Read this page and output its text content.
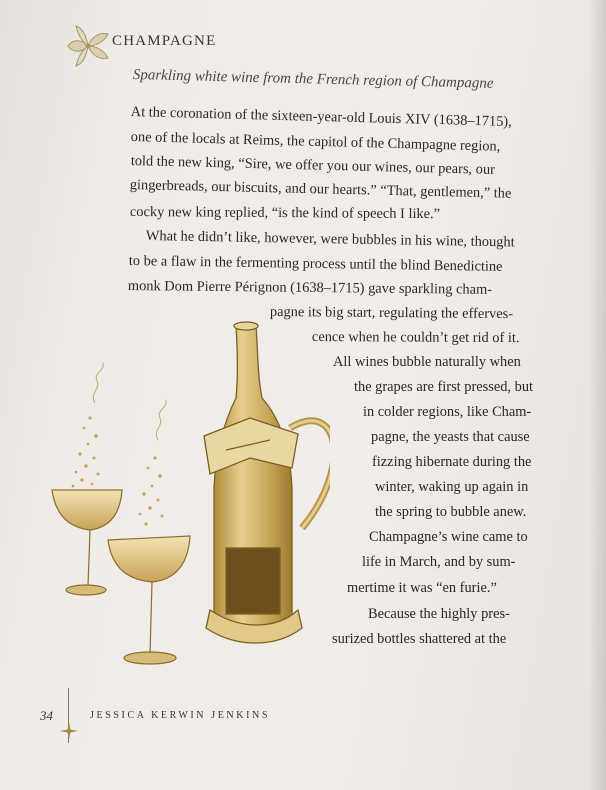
CHAMPAGNE
Sparkling white wine from the French region of Champagne
At the coronation of the sixteen-year-old Louis XIV (1638–1715),
one of the locals at Reims, the capitol of the Champagne region,
told the new king, “Sire, we offer you our wines, our pears, our
gingerbreads, our biscuits, and our hearts.” “That, gentlemen,” the
cocky new king replied, “is the kind of speech I like.”
What he didn’t like, however, were bubbles in his wine, thought
to be a flaw in the fermenting process until the blind Benedictine
monk Dom Pierre Pérignon (1638–1715) gave sparkling cham-
pagne its big start, regulating the efferves-
cence when he couldn’t get rid of it.
All wines bubble naturally when
the grapes are first pressed, but
in colder regions, like Cham-
pagne, the yeasts that cause
fizzing hibernate during the
winter, waking up again in
the spring to bubble anew.
Champagne’s wine came to
life in March, and by sum-
mertime it was “en furie.”
Because the highly pres-
surized bottles shattered at the
34	JESSICA KERWIN JENKINS
